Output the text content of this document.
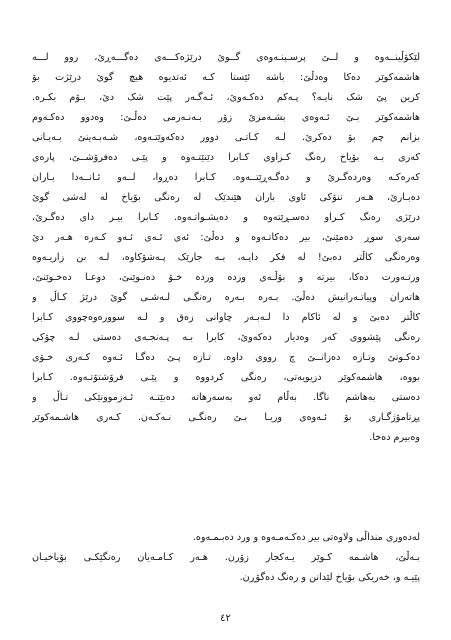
لێکۆڵینــەوە و لــێ پرسـینـەوەی گــوێ درێژەکـــەی دەگـــەڕێ، روو لـــە
هاشمەکوێر دەکا وەدڵێ: باشە ئێستا کـە ئەتدیوە هیچ گوێ درێژت بۆ
کرین پێ شک نایـە؟ پـەکم دەکـەوێ، ئـەگـەر پێت شک دێ، بـۆم بکـرە.
هاشمەکوێر بـێ ئـەوەی بشـەمزێ زۆر بـەنـەرمی دەڵـێ: وەدوو دەکـەوم
بزانم چم بۆ دەکرێ. لـە کـاتـی دوور دەکەوێتـەوە، شـەبـەینێ بـەیـانی
کەری بـە بۆیاخ رەنگ کـراوی کـابرا دێنێتـەوە و پێـی دەفرۆشــێ، پارەی
کەرەکـە وەردەگـرێ و دەگـەڕێتــەوە. کـابرا دەڕوا، لــەو ئـانــەدا بـاران
دەبـارێ، هـەر تنۆکی ئاوی باران هێندێک لە رەنگی بۆیاخ لە لەشی گوێ
درێژی رەنگ کـراو دەسـڕێتەوە و دەیشـواتـەوە. کـابرا بیـر دای دەگـرێ،
سەری سوڕ دەمێنێ، بیر دەکاتـەوە و دەڵێ: ئەی ئـەی ئـەو کـەرە هـەر دێ
وەرەنگی کاڵتر دەبێ! لە فکر دایـە، بـە جارێک پـەشۆکاوە، لـە بن زاریـەوە
ورتـەورت دەکا، بیرتە و بۆڵـەی وردە وردە خـۆ دەنـوێنێ، دوعـا دەخـوێنێ،
هاتەران وپیاتـەرانیش دەڵێ. بـەرە بـەرە رەنگـی لـەشـی گوێ درێژ کـاڵ و
کاڵتر دەبێ و لە ئاکام دا لـەبـەر چاوانی زەق و لـە سوورەوەچووی کـابرا
رەنگی پێشووی کەر وەدیار دەکەوێ، کابرا بـە پـەنجـەی دەستی لـە چۆکی
دەکـوتێ وتـازە دەزانــێ چ رووی داوە. تـازە پـێ دەگـا ئـەوە کـەری خـۆی
بووە، هاشمەکوێر دزیویەتی، رەنگی کردووە و پێـی فرۆشتۆتـەوە. کـابرا
دەستی بەهاشم ناگا. بەڵام ئەو بەسەرهاتە دەبێتـە ئـەزموونێکی تـاڵ و
پڕتامۆژگـاری بۆ ئـەوەی وریـا بـێ رەنگـی نـەکـەن. کـەری هاشـمەکوێر
وەبیرم دەخا.
لەدەوری منداڵی ولاوەتی بیر دەکـەمـەوە و ورد دەبـمـەوە.
بـەڵێ، هاشـمە کـوێر یـەکجار زۆرن. هـەر کـامـەیان رەنگێکـی بۆیاخیـان
پێیـە و، خەریکی بۆیاخ لێدانن و رەنگ دەگۆڕن.
٤٢
